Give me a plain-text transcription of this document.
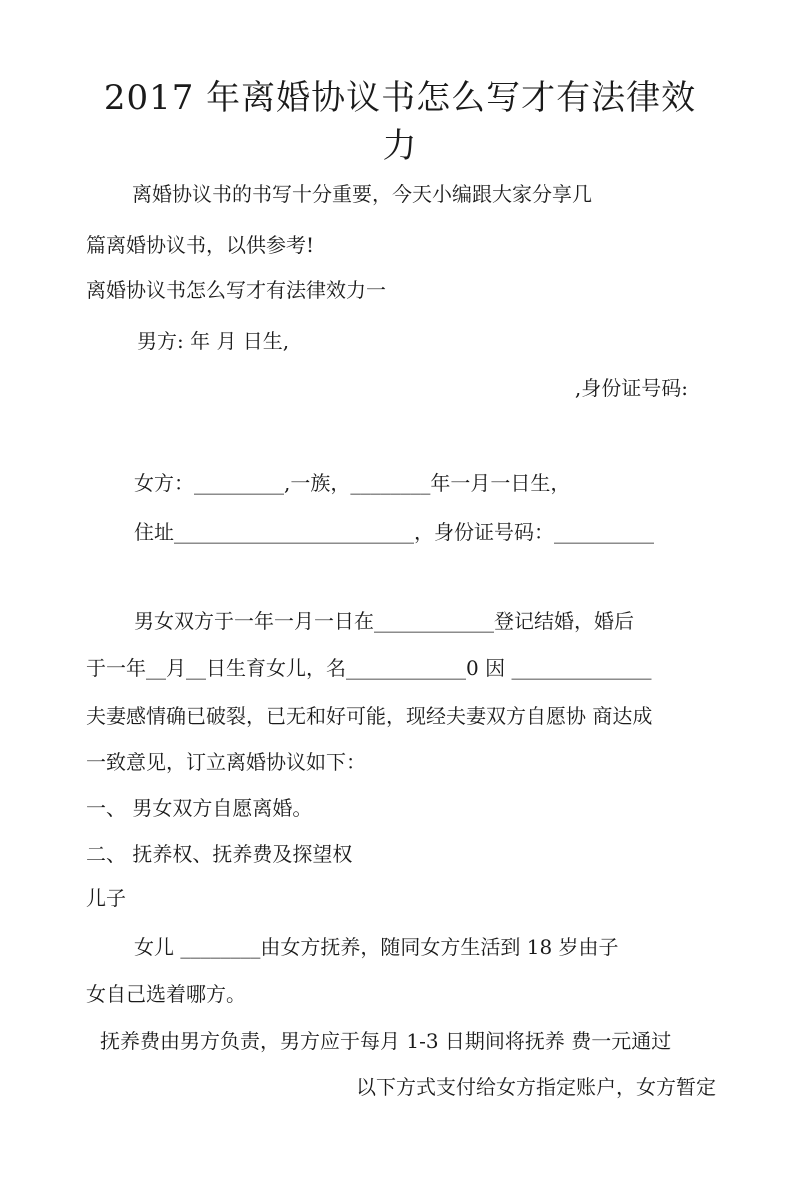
2017 年离婚协议书怎么写才有法律效
力

离婚协议书的书写十分重要，今天小编跟大家分享几

篇离婚协议书，以供参考!

离婚协议书怎么写才有法律效力一

男方: 年 月 日生,

,身份证号码:

女方：_________,一族，________年一月一日生，

住址________________________，身份证号码：__________

男女双方于一年一月一日在____________登记结婚，婚后

于一年__月__日生育女儿，名____________0 因 ______________

夫妻感情确已破裂，已无和好可能，现经夫妻双方自愿协 商达成

一致意见，订立离婚协议如下：

一、 男女双方自愿离婚。

二、 抚养权、抚养费及探望权

儿子

女儿 ________由女方抚养，随同女方生活到 18 岁由子

女自己选着哪方。

抚养费由男方负责，男方应于每月 1-3 日期间将抚养 费一元通过

以下方式支付给女方指定账户，女方暂定
